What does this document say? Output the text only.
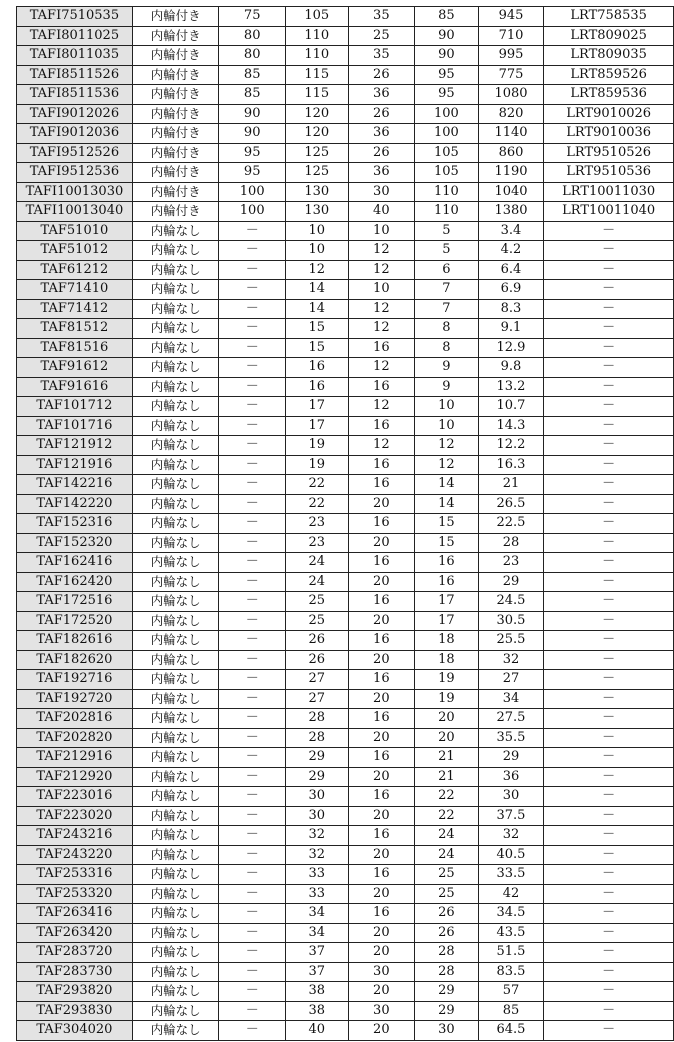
TAFI7510535	内輪付き	75	105	35	85	945	LRT758535
TAFI8011025	内輪付き	80	110	25	90	710	LRT809025
TAFI8011035	内輪付き	80	110	35	90	995	LRT809035
TAFI8511526	内輪付き	85	115	26	95	775	LRT859526
TAFI8511536	内輪付き	85	115	36	95	1080	LRT859536
TAFI9012026	内輪付き	90	120	26	100	820	LRT9010026
TAFI9012036	内輪付き	90	120	36	100	1140	LRT9010036
TAFI9512526	内輪付き	95	125	26	105	860	LRT9510526
TAFI9512536	内輪付き	95	125	36	105	1190	LRT9510536
TAFI10013030	内輪付き	100	130	30	110	1040	LRT10011030
TAFI10013040	内輪付き	100	130	40	110	1380	LRT10011040
TAF51010	内輪なし	－	10	10	5	3.4	－
TAF51012	内輪なし	－	10	12	5	4.2	－
TAF61212	内輪なし	－	12	12	6	6.4	－
TAF71410	内輪なし	－	14	10	7	6.9	－
TAF71412	内輪なし	－	14	12	7	8.3	－
TAF81512	内輪なし	－	15	12	8	9.1	－
TAF81516	内輪なし	－	15	16	8	12.9	－
TAF91612	内輪なし	－	16	12	9	9.8	－
TAF91616	内輪なし	－	16	16	9	13.2	－
TAF101712	内輪なし	－	17	12	10	10.7	－
TAF101716	内輪なし	－	17	16	10	14.3	－
TAF121912	内輪なし	－	19	12	12	12.2	－
TAF121916	内輪なし	－	19	16	12	16.3	－
TAF142216	内輪なし	－	22	16	14	21	－
TAF142220	内輪なし	－	22	20	14	26.5	－
TAF152316	内輪なし	－	23	16	15	22.5	－
TAF152320	内輪なし	－	23	20	15	28	－
TAF162416	内輪なし	－	24	16	16	23	－
TAF162420	内輪なし	－	24	20	16	29	－
TAF172516	内輪なし	－	25	16	17	24.5	－
TAF172520	内輪なし	－	25	20	17	30.5	－
TAF182616	内輪なし	－	26	16	18	25.5	－
TAF182620	内輪なし	－	26	20	18	32	－
TAF192716	内輪なし	－	27	16	19	27	－
TAF192720	内輪なし	－	27	20	19	34	－
TAF202816	内輪なし	－	28	16	20	27.5	－
TAF202820	内輪なし	－	28	20	20	35.5	－
TAF212916	内輪なし	－	29	16	21	29	－
TAF212920	内輪なし	－	29	20	21	36	－
TAF223016	内輪なし	－	30	16	22	30	－
TAF223020	内輪なし	－	30	20	22	37.5	－
TAF243216	内輪なし	－	32	16	24	32	－
TAF243220	内輪なし	－	32	20	24	40.5	－
TAF253316	内輪なし	－	33	16	25	33.5	－
TAF253320	内輪なし	－	33	20	25	42	－
TAF263416	内輪なし	－	34	16	26	34.5	－
TAF263420	内輪なし	－	34	20	26	43.5	－
TAF283720	内輪なし	－	37	20	28	51.5	－
TAF283730	内輪なし	－	37	30	28	83.5	－
TAF293820	内輪なし	－	38	20	29	57	－
TAF293830	内輪なし	－	38	30	29	85	－
TAF304020	内輪なし	－	40	20	30	64.5	－
